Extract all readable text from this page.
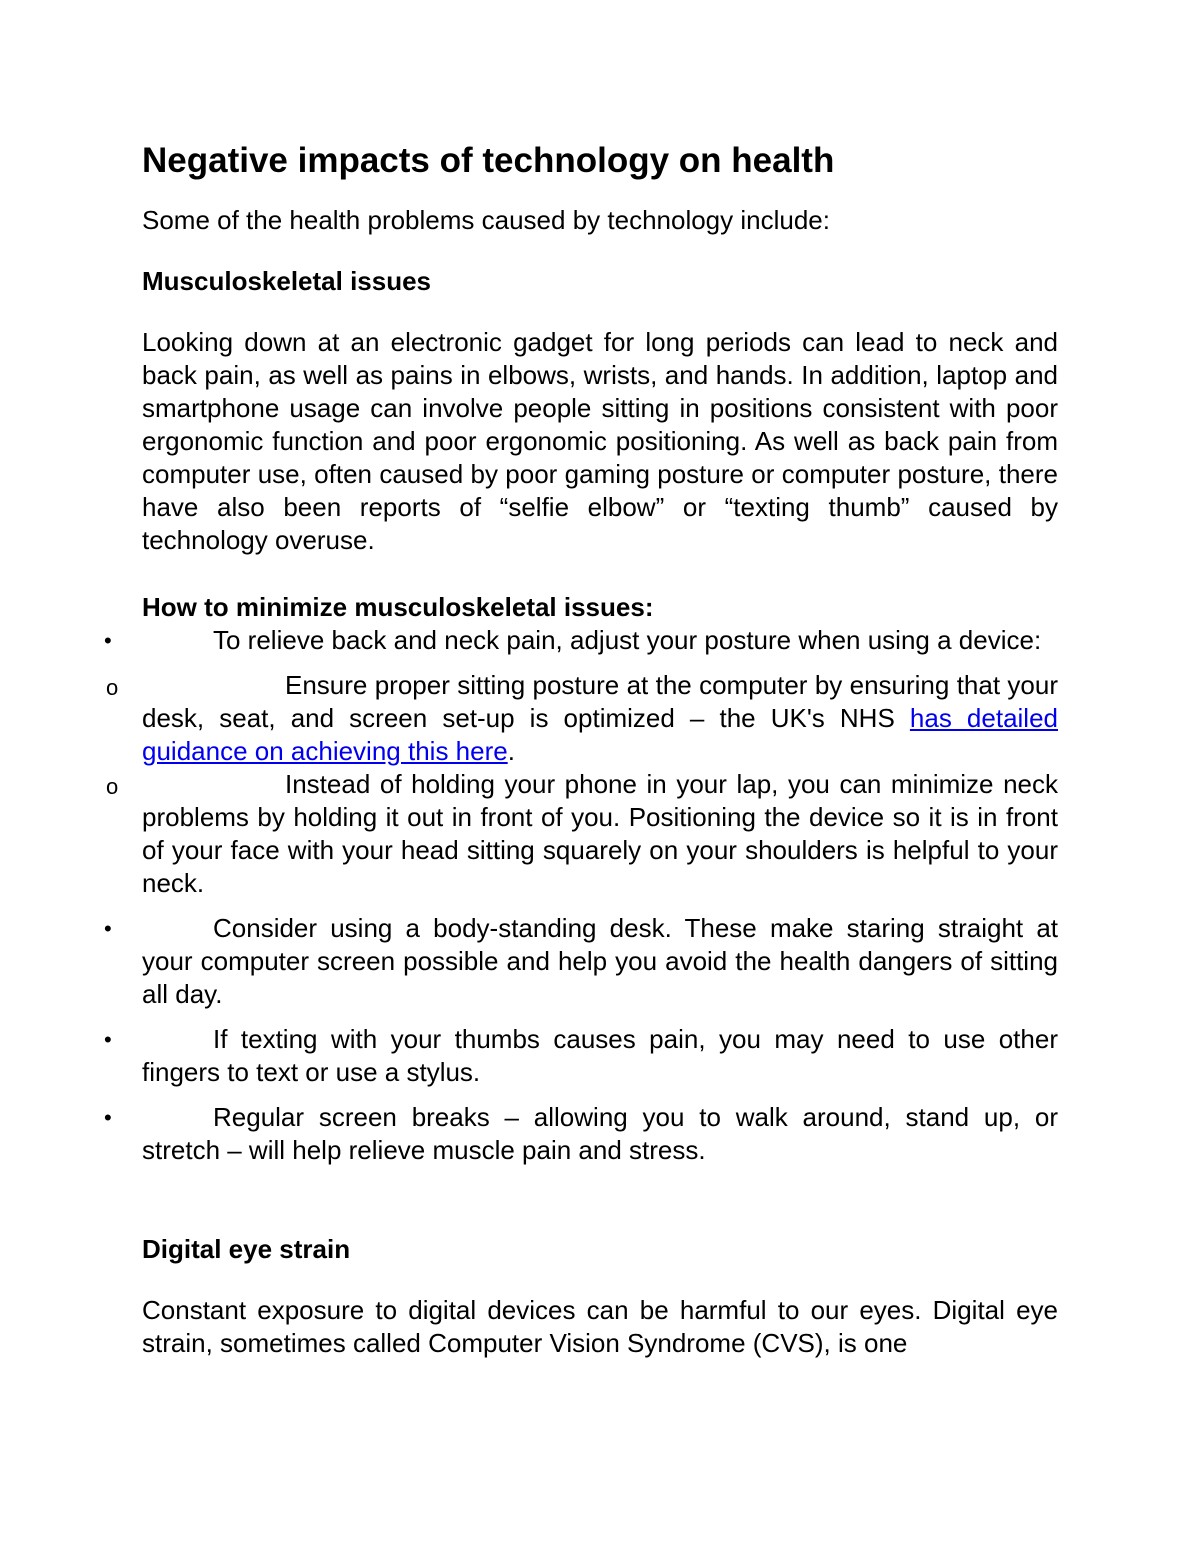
Negative impacts of technology on health

Some of the health problems caused by technology include:

Musculoskeletal issues

Looking down at an electronic gadget for long periods can lead to neck and back pain, as well as pains in elbows, wrists, and hands. In addition, laptop and smartphone usage can involve people sitting in positions consistent with poor ergonomic function and poor ergonomic positioning. As well as back pain from computer use, often caused by poor gaming posture or computer posture, there have also been reports of “selfie elbow” or “texting thumb” caused by technology overuse.

How to minimize musculoskeletal issues:

•	To relieve back and neck pain, adjust your posture when using a device:
o	Ensure proper sitting posture at the computer by ensuring that your desk, seat, and screen set-up is optimized – the UK's NHS has detailed guidance on achieving this here.
o	Instead of holding your phone in your lap, you can minimize neck problems by holding it out in front of you. Positioning the device so it is in front of your face with your head sitting squarely on your shoulders is helpful to your neck.
•	Consider using a body-standing desk. These make staring straight at your computer screen possible and help you avoid the health dangers of sitting all day.
•	If texting with your thumbs causes pain, you may need to use other fingers to text or use a stylus.
•	Regular screen breaks – allowing you to walk around, stand up, or stretch – will help relieve muscle pain and stress.

Digital eye strain

Constant exposure to digital devices can be harmful to our eyes. Digital eye strain, sometimes called Computer Vision Syndrome (CVS), is one
